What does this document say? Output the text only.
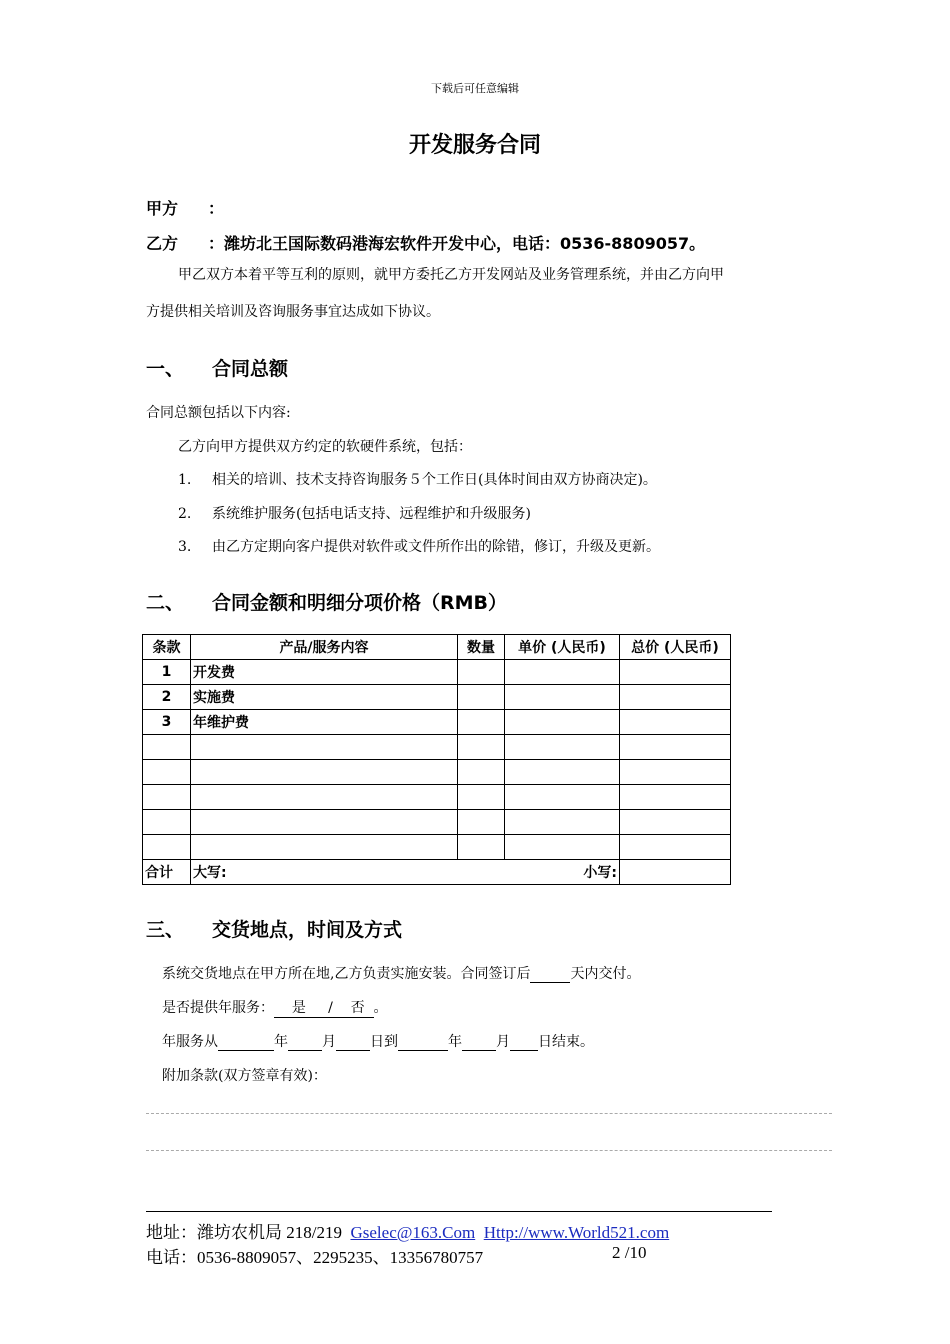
下载后可任意编辑
开发服务合同
甲方 ：
乙方 ：潍坊北王国际数码港海宏软件开发中心，电话：0536-8809057。
甲乙双方本着平等互利的原则，就甲方委托乙方开发网站及业务管理系统，并由乙方向甲
方提供相关培训及咨询服务事宜达成如下协议。
一、 合同总额
合同总额包括以下内容:
乙方向甲方提供双方约定的软硬件系统，包括：
1. 相关的培训、技术支持咨询服务５个工作日(具体时间由双方协商决定)。
2. 系统维护服务(包括电话支持、远程维护和升级服务)
3. 由乙方定期向客户提供对软件或文件所作出的除错，修订，升级及更新。
二、 合同金额和明细分项价格（RMB）
条款	产品/服务内容	数量	单价 (人民币)	总价 (人民币)
1	开发费			
2	实施费			
3	年维护费			

合计	大写: 小写:			

三、 交货地点，时间及方式
系统交货地点在甲方所在地,乙方负责实施安装。合同签订后	天内交付。
是否提供年服务： 是 / 否 。
年服务从	年 月 日到	年 月 日结束。
附加条款(双方签章有效)：
地址：潍坊农机局 218/219 Gselec@163.Com Http://www.World521.com
电话：0536-8809057、2295235、13356780757	2 /10
